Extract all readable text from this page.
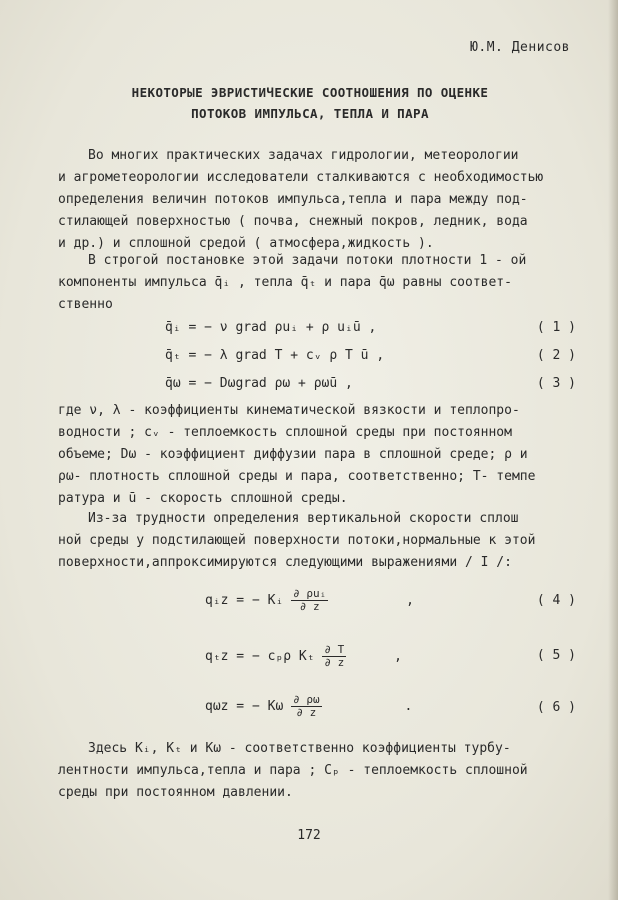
Ю.М. Денисов
НЕКОТОРЫЕ ЭВРИСТИЧЕСКИЕ СООТНОШЕНИЯ ПО ОЦЕНКЕ
ПОТОКОВ ИМПУЛЬСА, ТЕПЛА И ПАРА
Во многих практических задачах гидрологии, метеорологии
и агрометеорологии исследователи сталкиваются с необходимостью
определения величин потоков импульса,тепла и пара между под-
стилающей поверхностью ( почва, снежный покров, ледник, вода
и др.) и сплошной средой ( атмосфера,жидкость ).
В строгой постановке этой задачи потоки плотности 1 - ой
компоненты импульса q̄ᵢ , тепла q̄ₜ и пара q̄ω равны соответ-
ственно
q̄ᵢ = − ν grad ρuᵢ + ρ uᵢū ,	( 1 )
q̄ₜ = − λ grad T + cᵥ ρ T ū ,	( 2 )
q̄ω = − Dωgrad ρω + ρωū ,	( 3 )
где ν, λ - коэффициенты кинематической вязкости и теплопро-
водности ; cᵥ - теплоемкость сплошной среды при постоянном
объеме; Dω - коэффициент диффузии пара в сплошной среде; ρ и
ρω- плотность сплошной среды и пара, соответственно; T- темпе
ратура и ū - скорость сплошной среды.
Из-за трудности определения вертикальной скорости сплош
ной среды у подстилающей поверхности потоки,нормальные к этой
поверхности,аппроксимируются следующими выражениями / I /:
qᵢz = − Kᵢ $\frac{\text{∂ ρuᵢ}}{\partial z}$	,	( 4 )
qₜz = − cₚρ Kₜ $\frac{\partial T}{\partial z}$	,	( 5 )
qωz = − Kω $\frac{\partial \rho\omega}{\partial z}$	.	( 6 )
Здесь Kᵢ, Kₜ и Kω - соответственно коэффициенты турбу-
лентности импульса,тепла и пара ; Cₚ - теплоемкость сплошной
среды при постоянном давлении.
172
